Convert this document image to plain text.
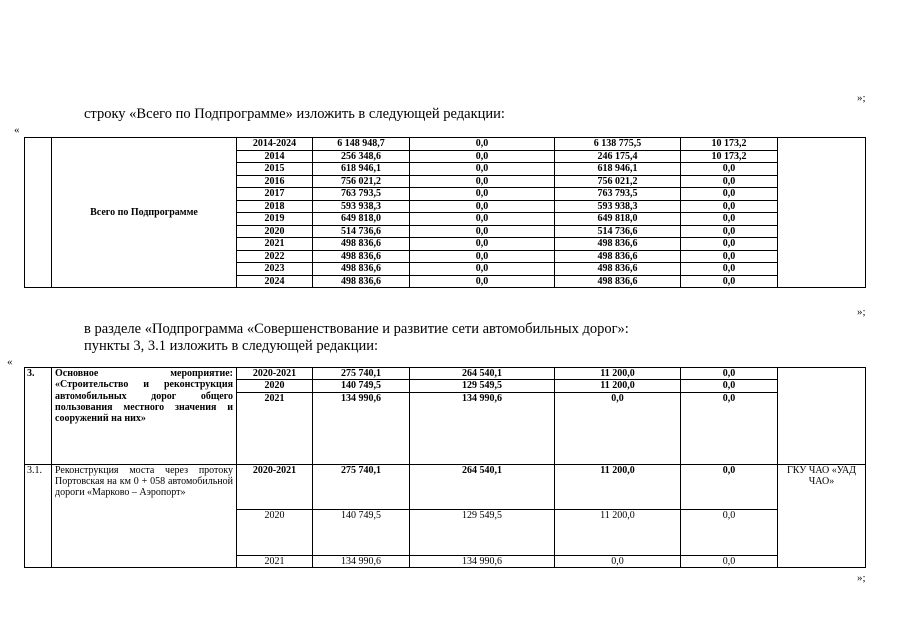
»;
строку «Всего по Подпрограмме» изложить в следующей редакции:
«
	Всего по Подпрограмме	2014-2024	6 148 948,7	0,0	6 138 775,5	10 173,2	
		2014	256 348,6	0,0	246 175,4	10 173,2	
		2015	618 946,1	0,0	618 946,1	0,0	
		2016	756 021,2	0,0	756 021,2	0,0	
		2017	763 793,5	0,0	763 793,5	0,0	
		2018	593 938,3	0,0	593 938,3	0,0	
		2019	649 818,0	0,0	649 818,0	0,0	
		2020	514 736,6	0,0	514 736,6	0,0	
		2021	498 836,6	0,0	498 836,6	0,0	
		2022	498 836,6	0,0	498 836,6	0,0	
		2023	498 836,6	0,0	498 836,6	0,0	
		2024	498 836,6	0,0	498 836,6	0,0	
»;
в разделе «Подпрограмма «Совершенствование и развитие сети автомобильных дорог»:
пункты 3, 3.1 изложить в следующей редакции:
«
3.	Основное мероприятие: «Строительство и реконструкция автомобильных дорог общего пользования местного значения и сооружений на них»	2020-2021	275 740,1	264 540,1	11 200,0	0,0	
		2020	140 749,5	129 549,5	11 200,0	0,0	
		2021	134 990,6	134 990,6	0,0	0,0	
3.1.	Реконструкция моста через протоку Портовская на км 0 + 058 автомобильной дороги «Марково – Аэропорт»	2020-2021	275 740,1	264 540,1	11 200,0	0,0	ГКУ ЧАО «УАД ЧАО»
		2020	140 749,5	129 549,5	11 200,0	0,0	
		2021	134 990,6	134 990,6	0,0	0,0	
»;
